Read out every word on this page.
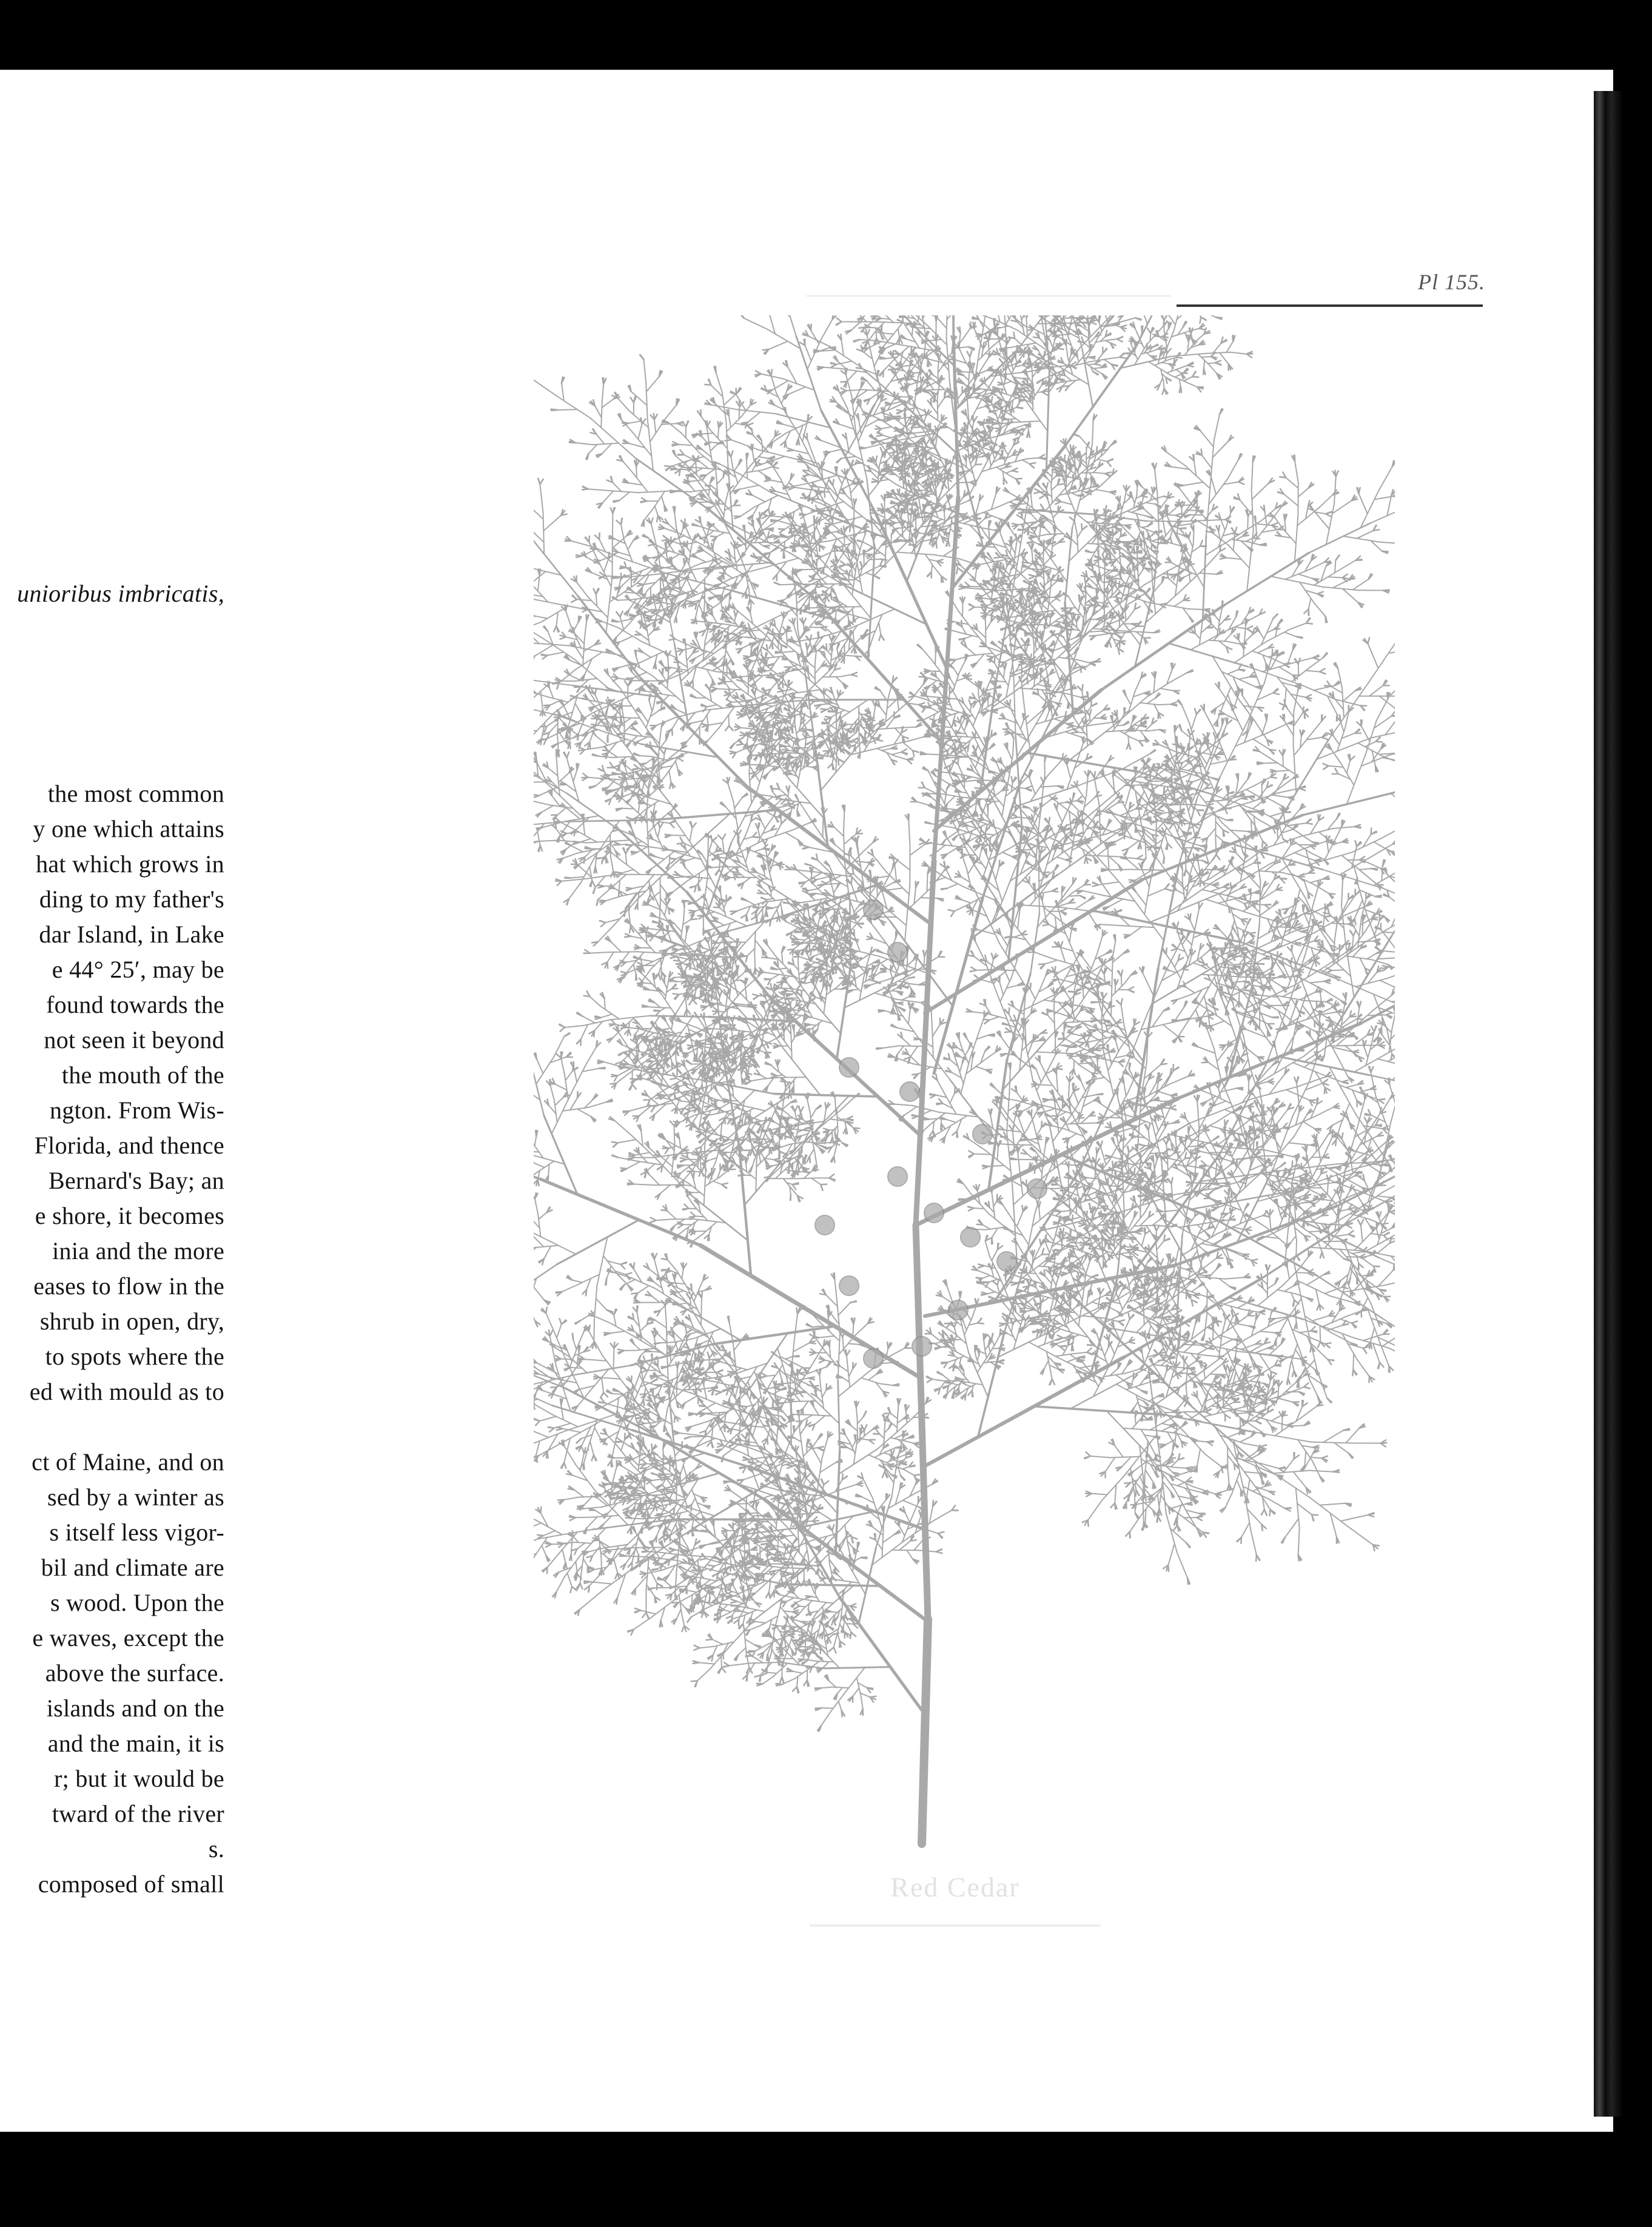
unioribus imbricatis,
the most common
y one which attains
hat which grows in
ding to my father's
dar Island, in Lake
e 44° 25′, may be
found towards the
not seen it beyond
the mouth of the
ngton. From Wis-
Florida, and thence
Bernard's Bay; an
e shore, it becomes
inia and the more
eases to flow in the
shrub in open, dry,
to spots where the
ed with mould as to
ct of Maine, and on
sed by a winter as
s itself less vigor-
bil and climate are
s wood. Upon the
e waves, except the
above the surface.
islands and on the
and the main, it is
r; but it would be
tward of the river
s.
composed of small
Pl 155.
Red Cedar
